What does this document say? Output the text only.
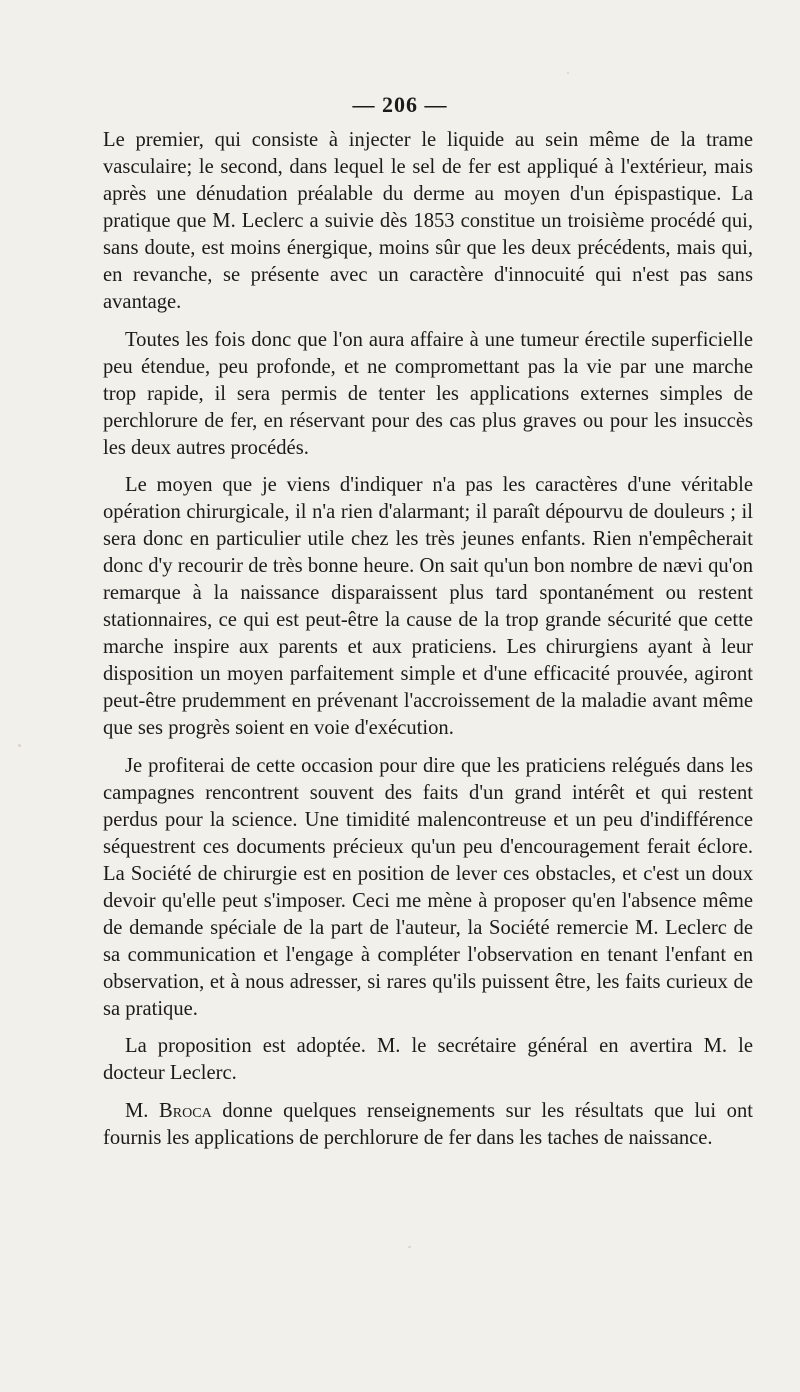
— 206 —

Le premier, qui consiste à injecter le liquide au sein même de la trame vasculaire; le second, dans lequel le sel de fer est appliqué à l'extérieur, mais après une dénudation préalable du derme au moyen d'un épispastique. La pratique que M. Leclerc a suivie dès 1853 constitue un troisième procédé qui, sans doute, est moins énergique, moins sûr que les deux précédents, mais qui, en revanche, se présente avec un caractère d'innocuité qui n'est pas sans avantage.

Toutes les fois donc que l'on aura affaire à une tumeur érectile superficielle peu étendue, peu profonde, et ne compromettant pas la vie par une marche trop rapide, il sera permis de tenter les applications externes simples de perchlorure de fer, en réservant pour des cas plus graves ou pour les insuccès les deux autres procédés.

Le moyen que je viens d'indiquer n'a pas les caractères d'une véritable opération chirurgicale, il n'a rien d'alarmant; il paraît dépourvu de douleurs ; il sera donc en particulier utile chez les très jeunes enfants. Rien n'empêcherait donc d'y recourir de très bonne heure. On sait qu'un bon nombre de nævi qu'on remarque à la naissance disparaissent plus tard spontanément ou restent stationnaires, ce qui est peut-être la cause de la trop grande sécurité que cette marche inspire aux parents et aux praticiens. Les chirurgiens ayant à leur disposition un moyen parfaitement simple et d'une efficacité prouvée, agiront peut-être prudemment en prévenant l'accroissement de la maladie avant même que ses progrès soient en voie d'exécution.

Je profiterai de cette occasion pour dire que les praticiens relégués dans les campagnes rencontrent souvent des faits d'un grand intérêt et qui restent perdus pour la science. Une timidité malencontreuse et un peu d'indifférence séquestrent ces documents précieux qu'un peu d'encouragement ferait éclore. La Société de chirurgie est en position de lever ces obstacles, et c'est un doux devoir qu'elle peut s'imposer. Ceci me mène à proposer qu'en l'absence même de demande spéciale de la part de l'auteur, la Société remercie M. Leclerc de sa communication et l'engage à compléter l'observation en tenant l'enfant en observation, et à nous adresser, si rares qu'ils puissent être, les faits curieux de sa pratique.

La proposition est adoptée. M. le secrétaire général en avertira M. le docteur Leclerc.

M. Broca donne quelques renseignements sur les résultats que lui ont fournis les applications de perchlorure de fer dans les taches de naissance.
